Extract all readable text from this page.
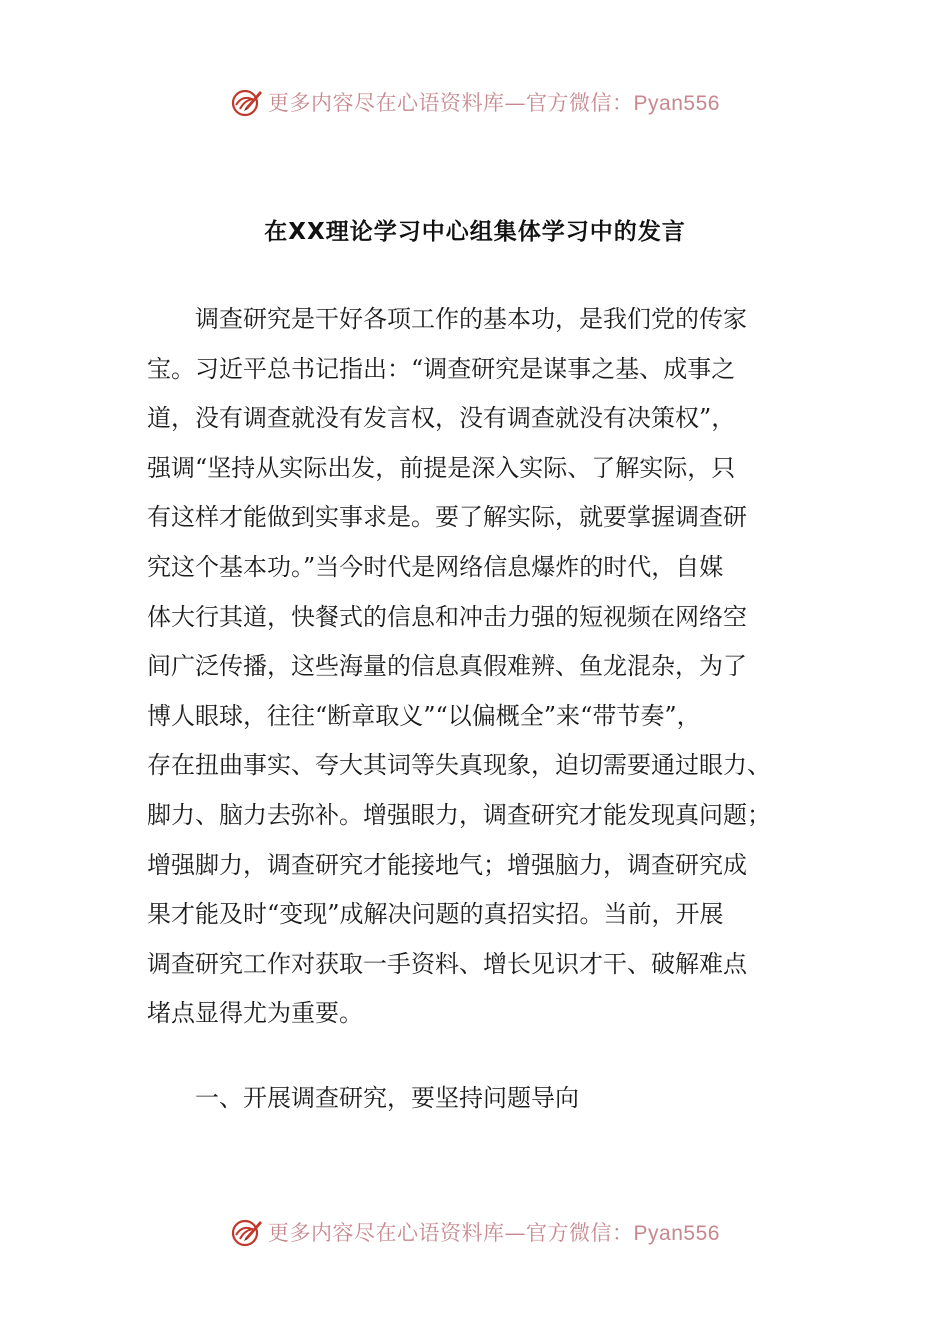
更多内容尽在心语资料库—官方微信：Pyan556
在XX理论学习中心组集体学习中的发言
　　调查研究是干好各项工作的基本功，是我们党的传家
宝。习近平总书记指出：“调查研究是谋事之基、成事之
道，没有调查就没有发言权，没有调查就没有决策权”，
强调“坚持从实际出发，前提是深入实际、了解实际，只
有这样才能做到实事求是。要了解实际，就要掌握调查研
究这个基本功。”当今时代是网络信息爆炸的时代，自媒
体大行其道，快餐式的信息和冲击力强的短视频在网络空
间广泛传播，这些海量的信息真假难辨、鱼龙混杂，为了
博人眼球，往往“断章取义”“以偏概全”来“带节奏”，
存在扭曲事实、夸大其词等失真现象，迫切需要通过眼力、
脚力、脑力去弥补。增强眼力，调查研究才能发现真问题；
增强脚力，调查研究才能接地气；增强脑力，调查研究成
果才能及时“变现”成解决问题的真招实招。当前，开展
调查研究工作对获取一手资料、增长见识才干、破解难点
堵点显得尤为重要。
一、开展调查研究，要坚持问题导向
更多内容尽在心语资料库—官方微信：Pyan556
